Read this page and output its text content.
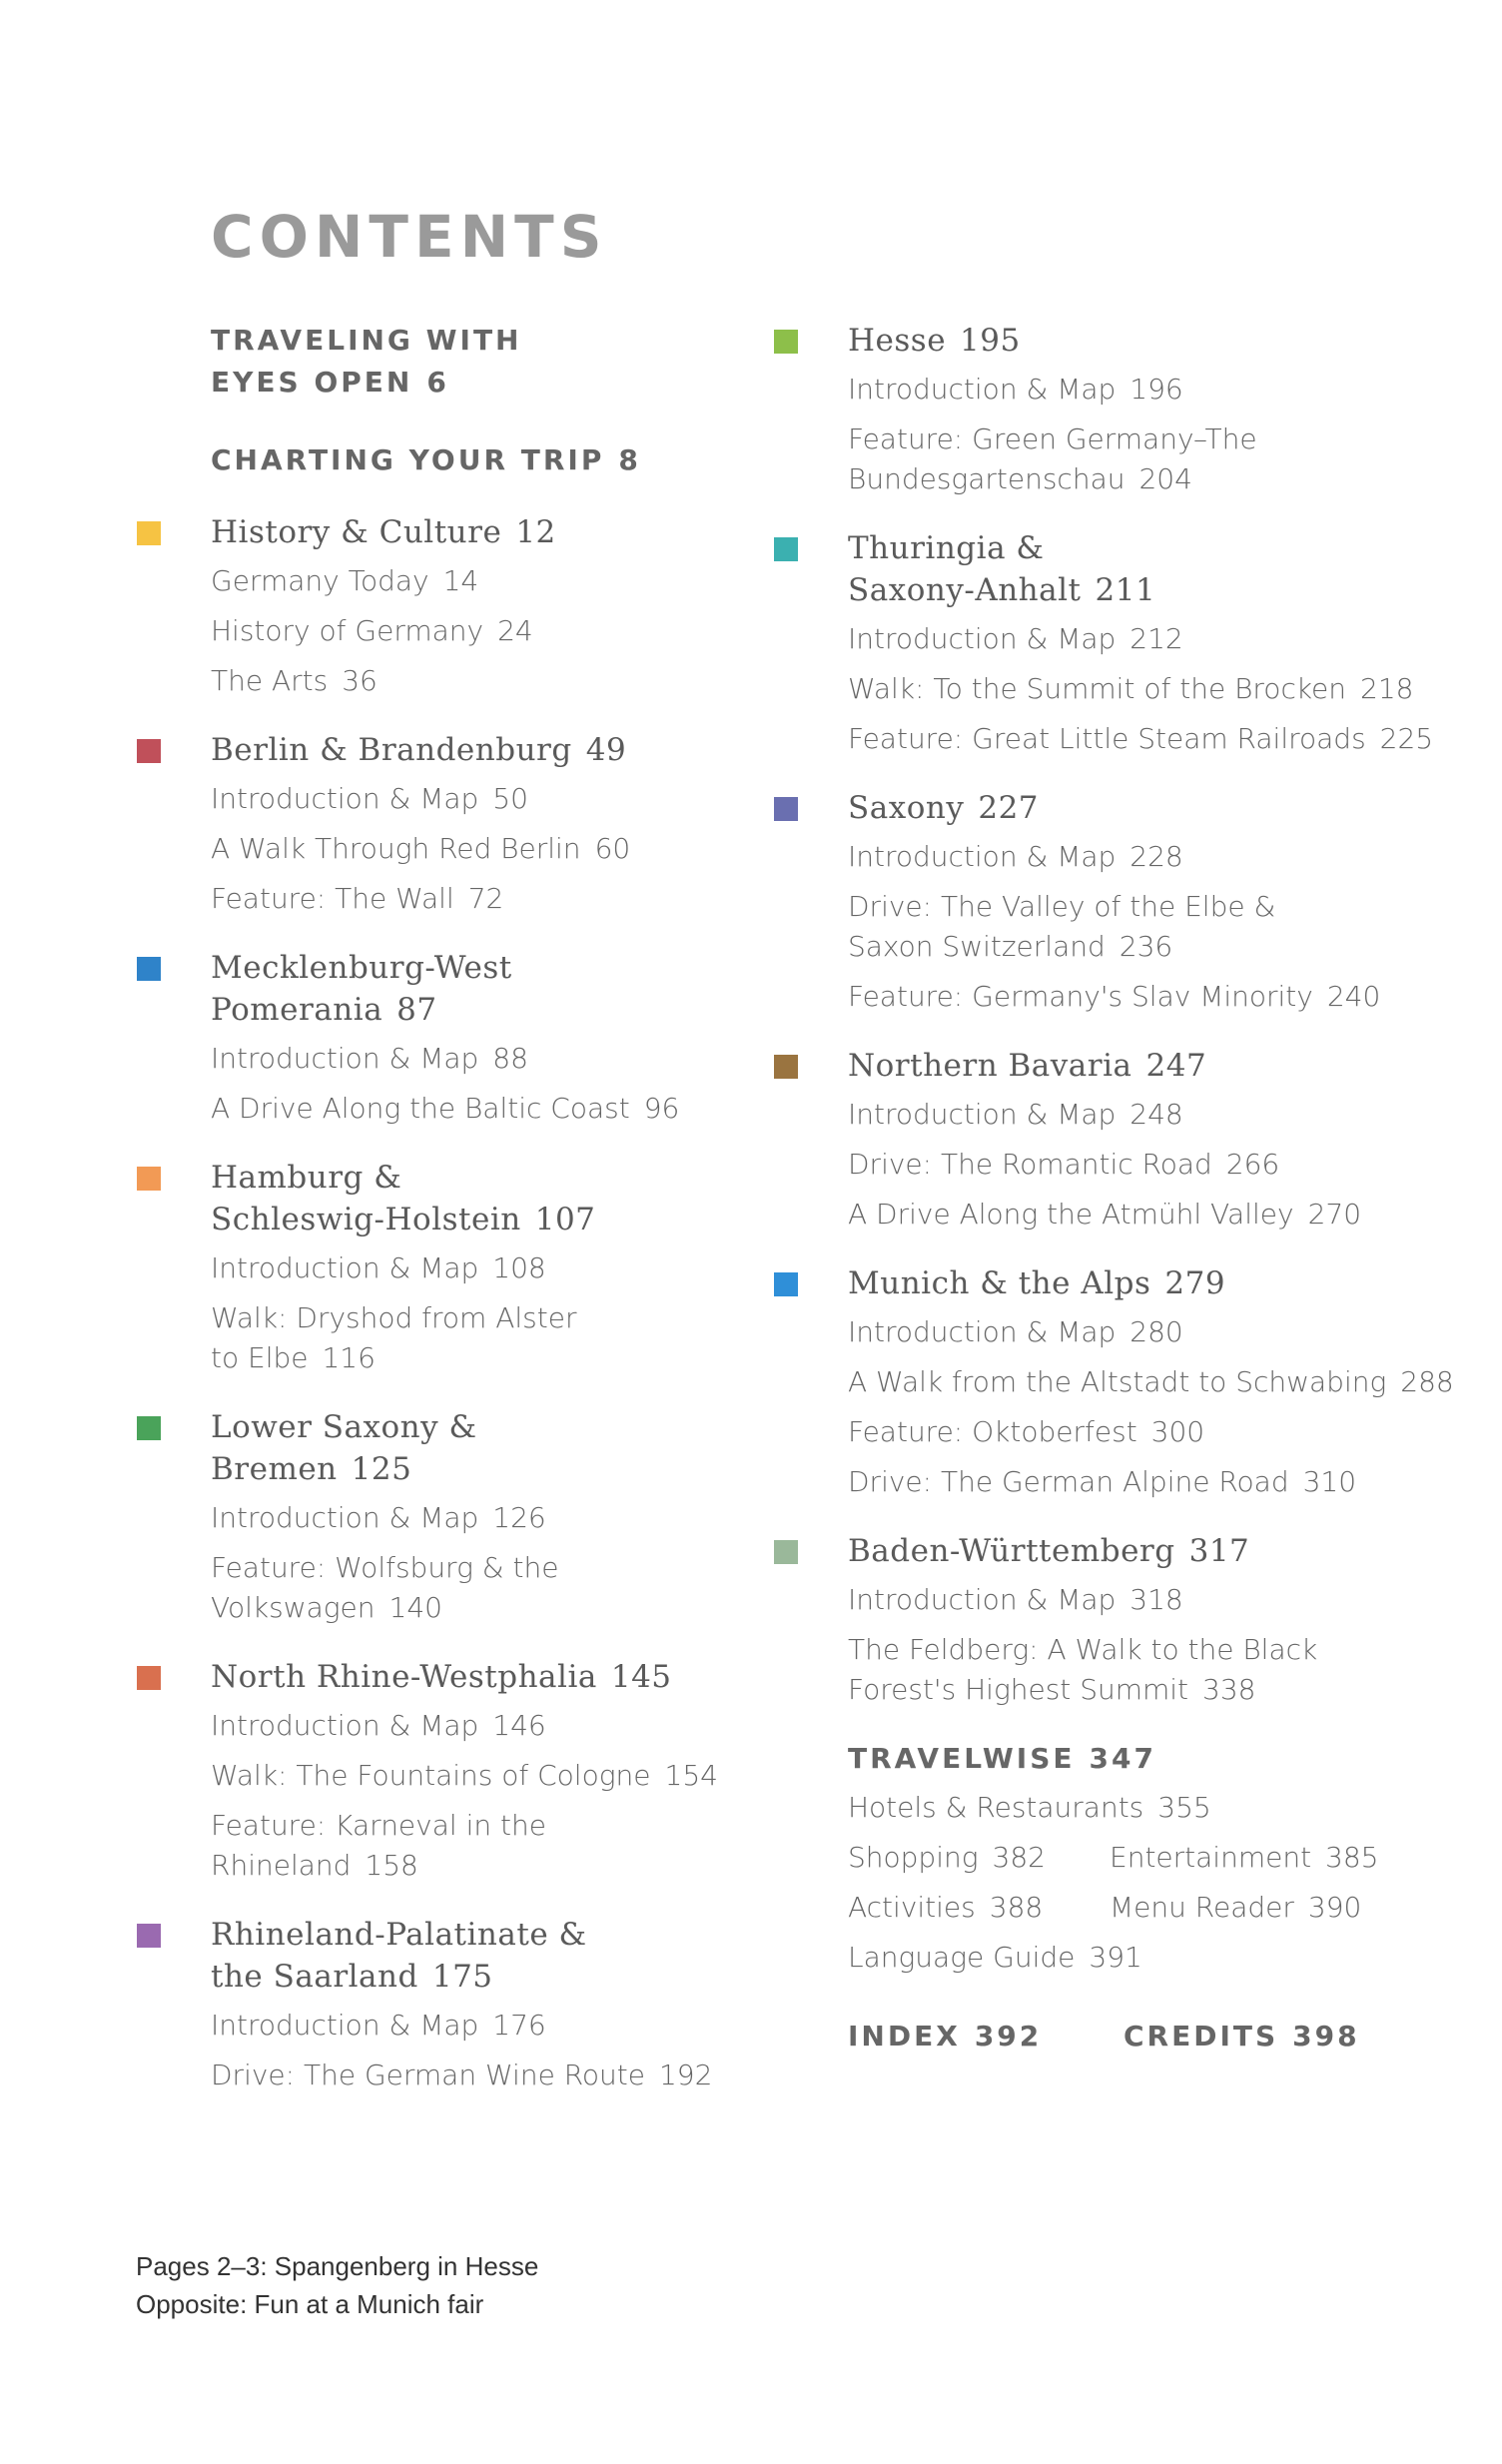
CONTENTS
TRAVELING WITH
EYES OPEN 6
CHARTING YOUR TRIP 8
History & Culture 12
Germany Today 14
History of Germany 24
The Arts 36
Berlin & Brandenburg 49
Introduction & Map 50
A Walk Through Red Berlin 60
Feature: The Wall 72
Mecklenburg-West
Pomerania 87
Introduction & Map 88
A Drive Along the Baltic Coast 96
Hamburg &
Schleswig-Holstein 107
Introduction & Map 108
Walk: Dryshod from Alster
to Elbe 116
Lower Saxony &
Bremen 125
Introduction & Map 126
Feature: Wolfsburg & the
Volkswagen 140
North Rhine-Westphalia 145
Introduction & Map 146
Walk: The Fountains of Cologne 154
Feature: Karneval in the
Rhineland 158
Rhineland-Palatinate &
the Saarland 175
Introduction & Map 176
Drive: The German Wine Route 192
Hesse 195
Introduction & Map 196
Feature: Green Germany–The
Bundesgartenschau 204
Thuringia &
Saxony-Anhalt 211
Introduction & Map 212
Walk: To the Summit of the Brocken 218
Feature: Great Little Steam Railroads 225
Saxony 227
Introduction & Map 228
Drive: The Valley of the Elbe &
Saxon Switzerland 236
Feature: Germany's Slav Minority 240
Northern Bavaria 247
Introduction & Map 248
Drive: The Romantic Road 266
A Drive Along the Atmühl Valley 270
Munich & the Alps 279
Introduction & Map 280
A Walk from the Altstadt to Schwabing 288
Feature: Oktoberfest 300
Drive: The German Alpine Road 310
Baden-Württemberg 317
Introduction & Map 318
The Feldberg: A Walk to the Black
Forest's Highest Summit 338
TRAVELWISE 347
Hotels & Restaurants 355
Shopping 382	Entertainment 385
Activities 388	Menu Reader 390
Language Guide 391
INDEX 392	CREDITS 398
Pages 2–3: Spangenberg in Hesse
Opposite: Fun at a Munich fair
